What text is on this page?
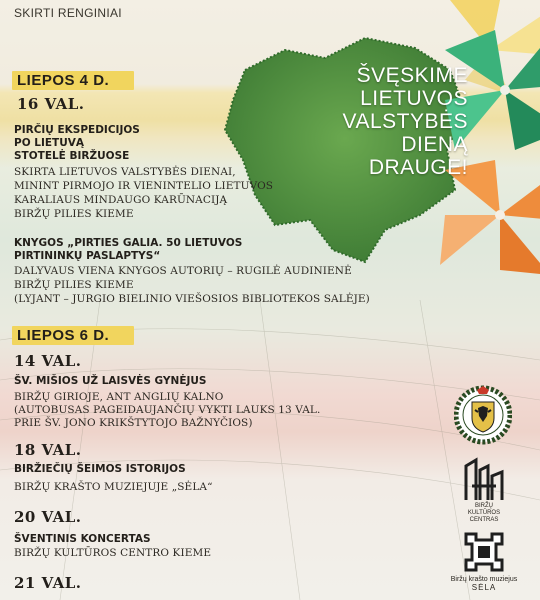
SKIRTI RENGINIAI
ŠVĘSKIME
LIETUVOS
VALSTYBĖS
DIENĄ
DRAUGE!
LIEPOS 4 D.
16 VAL.
PIRČIŲ EKSPEDICIJOS
PO LIETUVĄ
STOTELĖ BIRŽUOSE
SKIRTA LIETUVOS VALSTYBĖS DIENAI,
MININT PIRMOJO IR VIENINTELIO LIETUVOS
KARALIAUS MINDAUGO KARŪNACIJĄ
BIRŽŲ PILIES KIEME
KNYGOS „PIRTIES GALIA. 50 LIETUVOS
PIRTININKŲ PASLAPTYS“
DALYVAUS VIENA KNYGOS AUTORIŲ – RUGILĖ AUDINIENĖ
BIRŽŲ PILIES KIEME
(LYJANT – JURGIO BIELINIO VIEŠOSIOS BIBLIOTEKOS SALĖJE)
LIEPOS 6 D.
14 VAL.
ŠV. MIŠIOS UŽ LAISVĖS GYNĖJUS
BIRŽŲ GIRIOJE, ANT ANGLIŲ KALNO
(AUTOBUSAS PAGEIDAUJANČIŲ VYKTI LAUKS 13 VAL.
PRIE ŠV. JONO KRIKŠTYTOJO BAŽNYČIOS)
18 VAL.
BIRŽIEČIŲ ŠEIMOS ISTORIJOS
BIRŽŲ KRAŠTO MUZIEJUJE „SĖLA“
20 VAL.
ŠVENTINIS KONCERTAS
BIRŽŲ KULTŪROS CENTRO KIEME
21 VAL.
BIRŽŲ
KULTŪROS
CENTRAS
Biržų krašto muziejus
SĖLA
